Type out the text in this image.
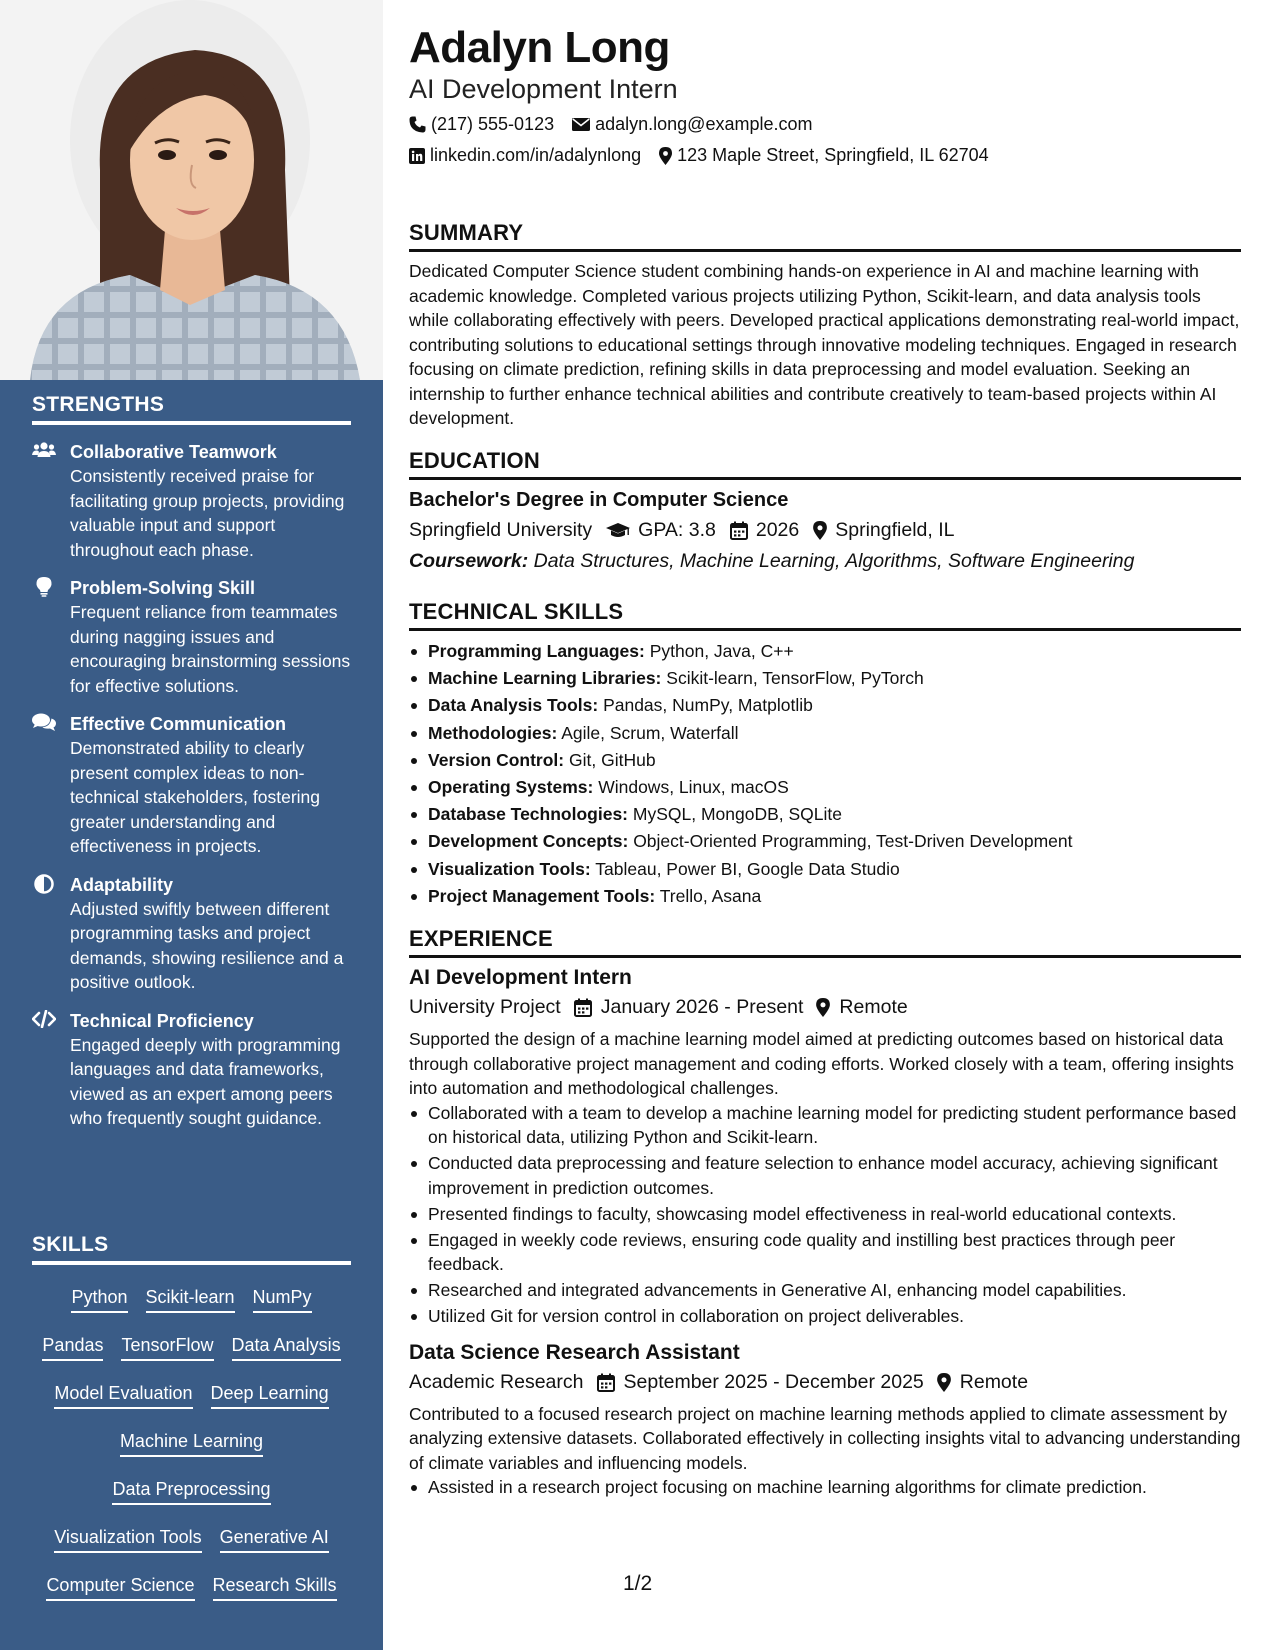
STRENGTHS
Collaborative Teamwork
Consistently received praise for facilitating group projects, providing valuable input and support throughout each phase.
Problem-Solving Skill
Frequent reliance from teammates during nagging issues and encouraging brainstorming sessions for effective solutions.
Effective Communication
Demonstrated ability to clearly present complex ideas to non-technical stakeholders, fostering greater understanding and effectiveness in projects.
Adaptability
Adjusted swiftly between different programming tasks and project demands, showing resilience and a positive outlook.
Technical Proficiency
Engaged deeply with programming languages and data frameworks, viewed as an expert among peers who frequently sought guidance.
SKILLS
Python Scikit-learn NumPy
Pandas TensorFlow Data Analysis
Model Evaluation Deep Learning
Machine Learning
Data Preprocessing
Visualization Tools Generative AI
Computer Science Research Skills
Adalyn Long
AI Development Intern
(217) 555-0123 adalyn.long@example.com
linkedin.com/in/adalynlong 123 Maple Street, Springfield, IL 62704
SUMMARY
Dedicated Computer Science student combining hands-on experience in AI and machine learning with academic knowledge. Completed various projects utilizing Python, Scikit-learn, and data analysis tools while collaborating effectively with peers. Developed practical applications demonstrating real-world impact, contributing solutions to educational settings through innovative modeling techniques. Engaged in research focusing on climate prediction, refining skills in data preprocessing and model evaluation. Seeking an internship to further enhance technical abilities and contribute creatively to team-based projects within AI development.
EDUCATION
Bachelor's Degree in Computer Science
Springfield University GPA: 3.8 2026 Springfield, IL
Coursework: Data Structures, Machine Learning, Algorithms, Software Engineering
TECHNICAL SKILLS
Programming Languages: Python, Java, C++
Machine Learning Libraries: Scikit-learn, TensorFlow, PyTorch
Data Analysis Tools: Pandas, NumPy, Matplotlib
Methodologies: Agile, Scrum, Waterfall
Version Control: Git, GitHub
Operating Systems: Windows, Linux, macOS
Database Technologies: MySQL, MongoDB, SQLite
Development Concepts: Object-Oriented Programming, Test-Driven Development
Visualization Tools: Tableau, Power BI, Google Data Studio
Project Management Tools: Trello, Asana
EXPERIENCE
AI Development Intern
University Project January 2026 - Present Remote
Supported the design of a machine learning model aimed at predicting outcomes based on historical data through collaborative project management and coding efforts. Worked closely with a team, offering insights into automation and methodological challenges.
Collaborated with a team to develop a machine learning model for predicting student performance based on historical data, utilizing Python and Scikit-learn.
Conducted data preprocessing and feature selection to enhance model accuracy, achieving significant improvement in prediction outcomes.
Presented findings to faculty, showcasing model effectiveness in real-world educational contexts.
Engaged in weekly code reviews, ensuring code quality and instilling best practices through peer feedback.
Researched and integrated advancements in Generative AI, enhancing model capabilities.
Utilized Git for version control in collaboration on project deliverables.
Data Science Research Assistant
Academic Research September 2025 - December 2025 Remote
Contributed to a focused research project on machine learning methods applied to climate assessment by analyzing extensive datasets. Collaborated effectively in collecting insights vital to advancing understanding of climate variables and influencing models.
Assisted in a research project focusing on machine learning algorithms for climate prediction.
1/2
